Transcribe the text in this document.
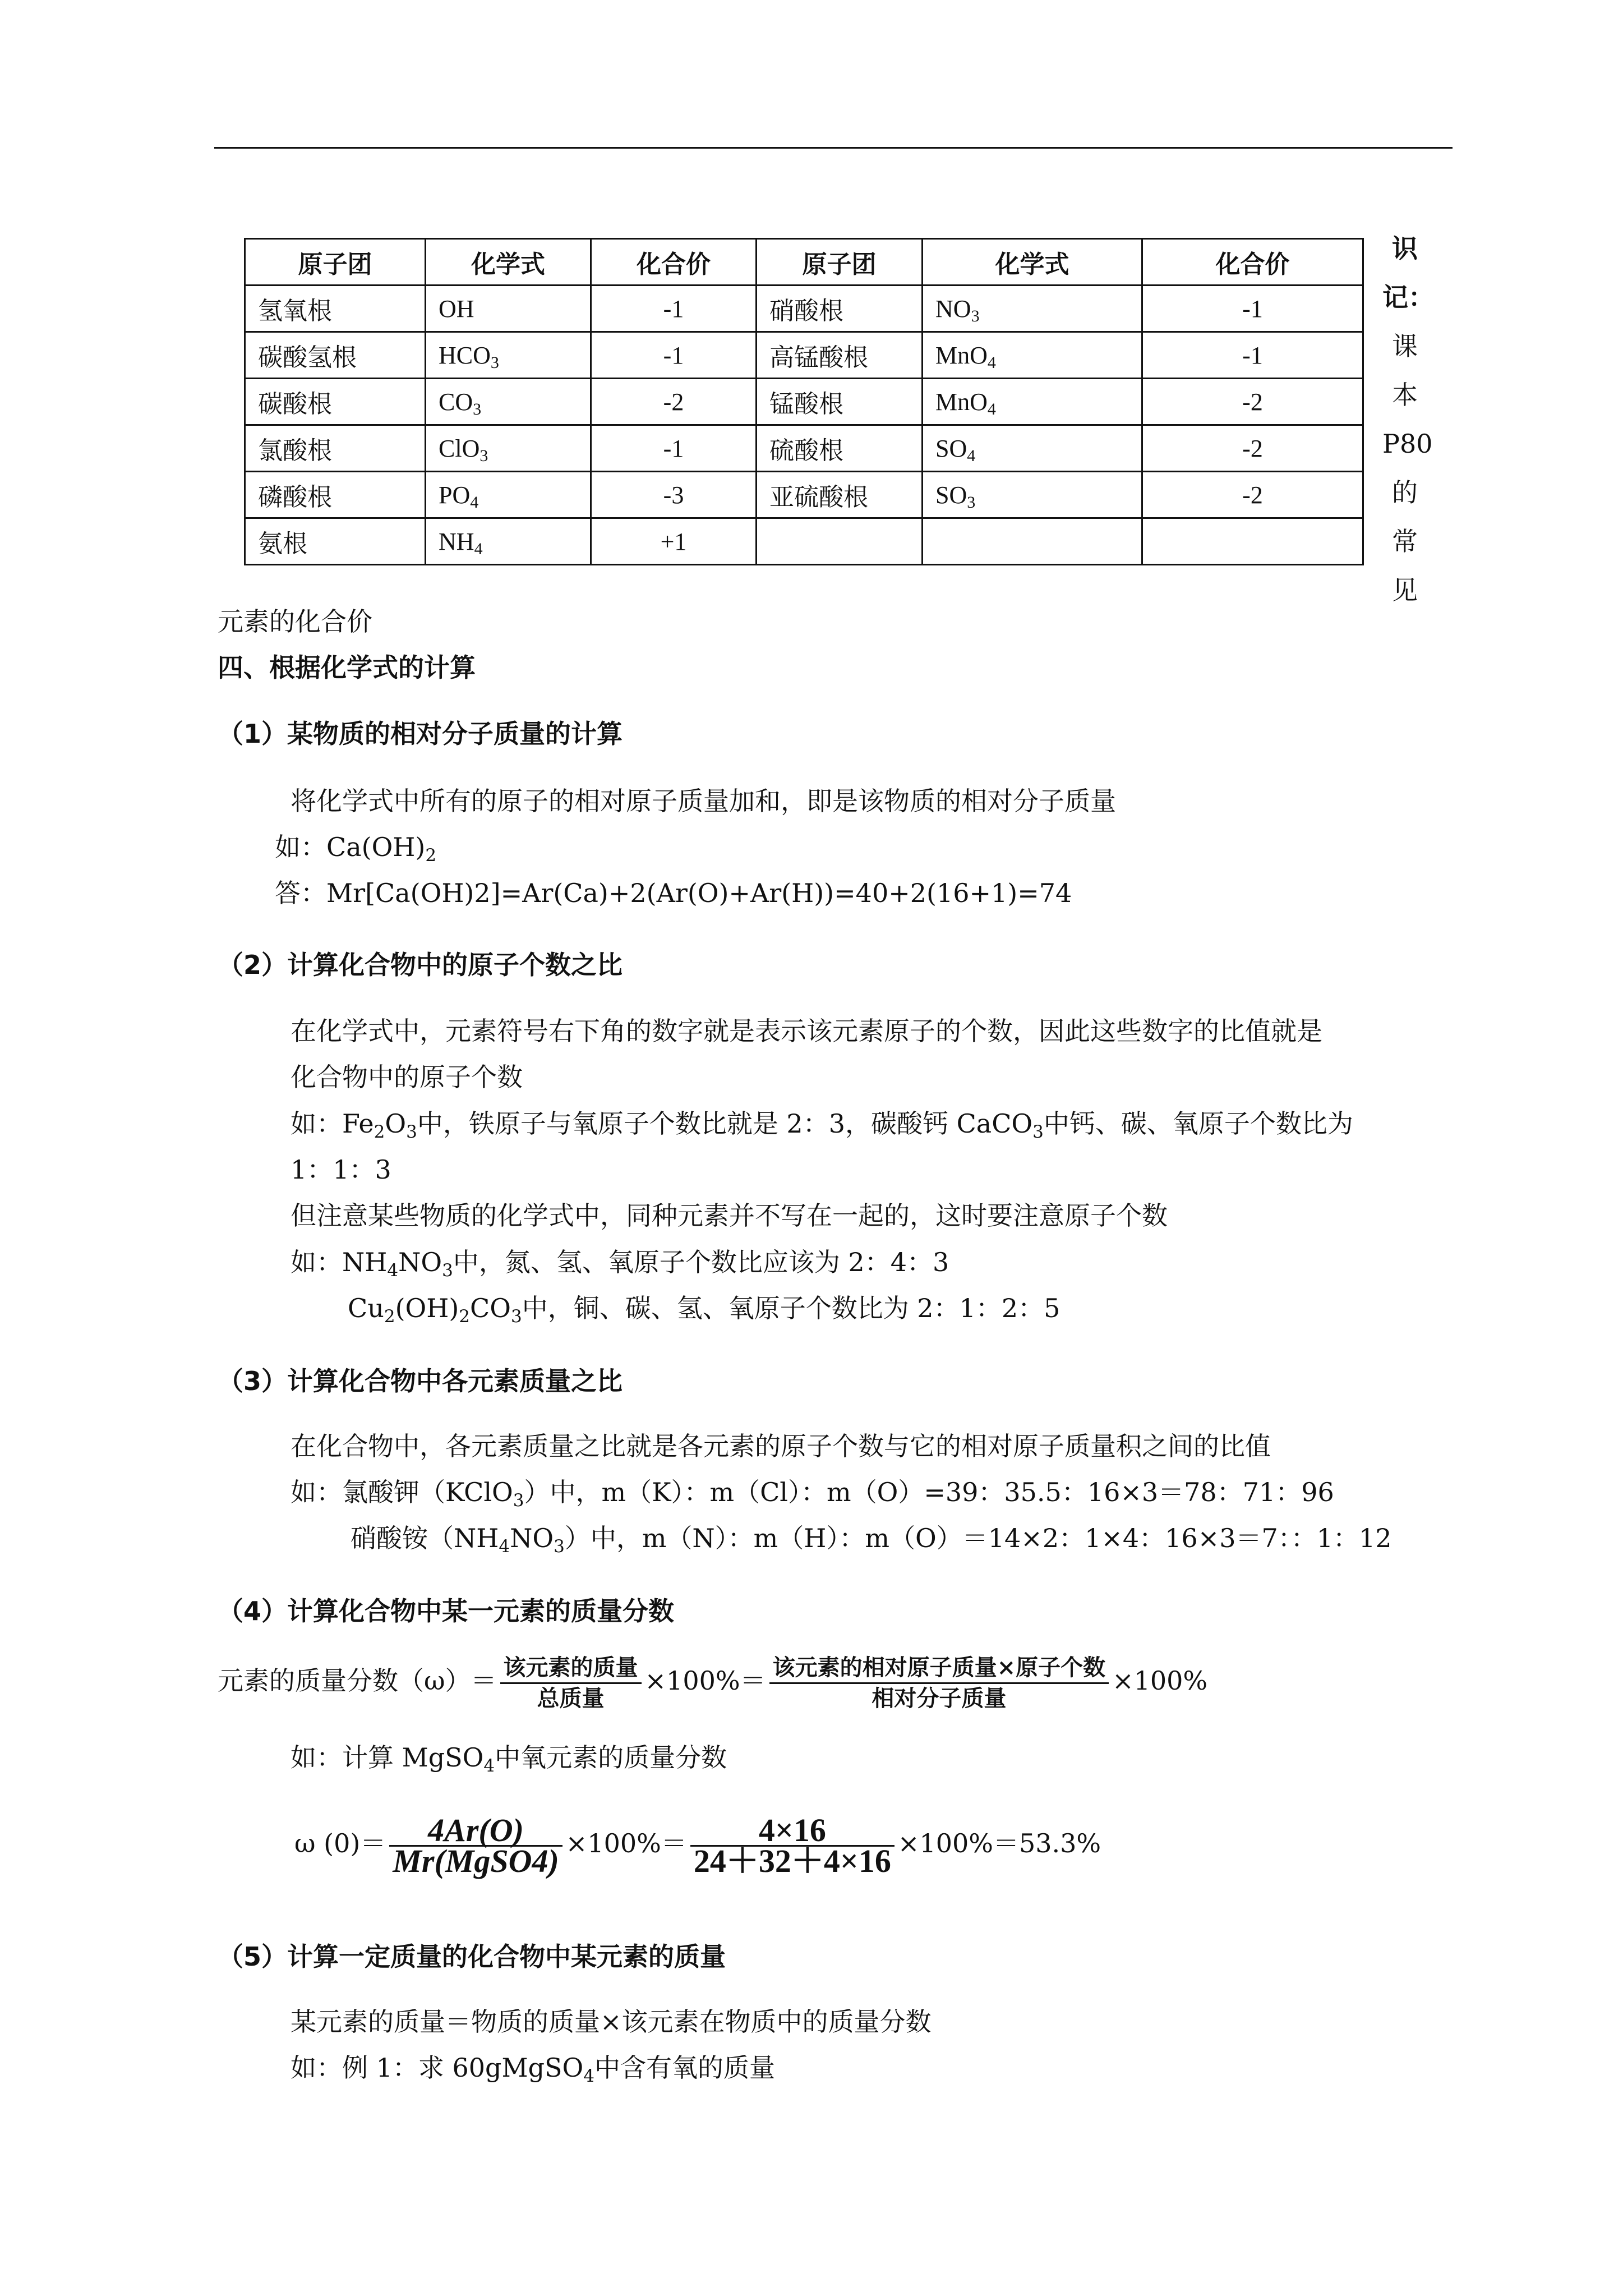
原子团	化学式	化合价	原子团	化学式	化合价
氢氧根	OH	-1	硝酸根	$NO_3$	-1
碳酸氢根	$HCO_3$	-1	高锰酸根	MnO$_4$	-1
碳酸根	$CO_3$	-2	锰酸根	MnO$_4$	-2
氯酸根	ClO$_3$	-1	硫酸根	$SO_4$	-2
磷酸根	$PO_4$	-3	亚硫酸根	$SO_3$	-2
氨根	$NH_4$	+1			
识
记：
课
本
P80
的
常
见
元素的化合价
四、根据化学式的计算
（1）某物质的相对分子质量的计算
将化学式中所有的原子的相对原子质量加和，即是该物质的相对分子质量
如：$Ca(OH)_2$
答：Mr[Ca(OH)2]=Ar(Ca)+2(Ar(O)+Ar(H))=40+2(16+1)=74
（2）计算化合物中的原子个数之比
在化学式中，元素符号右下角的数字就是表示该元素原子的个数，因此这些数字的比值就是
化合物中的原子个数
如：$Fe_2O_3$中，铁原子与氧原子个数比就是 2：3，碳酸钙 CaCO$_3$中钙、碳、氧原子个数比为
1：1：3
但注意某些物质的化学式中，同种元素并不写在一起的，这时要注意原子个数
如：$NH_4NO_3$中，氮、氢、氧原子个数比应该为 2：4：3
$Cu_2(OH)_2CO_3$中，铜、碳、氢、氧原子个数比为 2：1：2：5
（3）计算化合物中各元素质量之比
在化合物中，各元素质量之比就是各元素的原子个数与它的相对原子质量积之间的比值
如：氯酸钾（KClO$_3$）中，m（K）：m（Cl）：m（O）=39：35.5：16×3＝78：71：96
硝酸铵$(NH_4NO_3)$中，m（N）：m（H）：m（O）＝14×2：1×4：16×3＝7：：1：12
（4）计算化合物中某一元素的质量分数
元素的质量分数$(\omega)= \frac{\text{该元素的质量}}{\text{总质量}} \times 100\%= \frac{\text{该元素的相对原子质量×原子个数}}{\text{相对分子质量}} \times 100\%$
如：计算 MgSO$_4$中氧元素的质量分数
ω $(0)= \frac{4Ar(O)}{\text{Mr(MgSO4)}} \times 100\%= \frac{4\times 16}{24+32+4\times 16} \times 100\%=53.3\%$
（5）计算一定质量的化合物中某元素的质量
某元素的质量＝物质的质量×该元素在物质中的质量分数
如：例 1：求 60gMgSO$_4$中含有氧的质量
